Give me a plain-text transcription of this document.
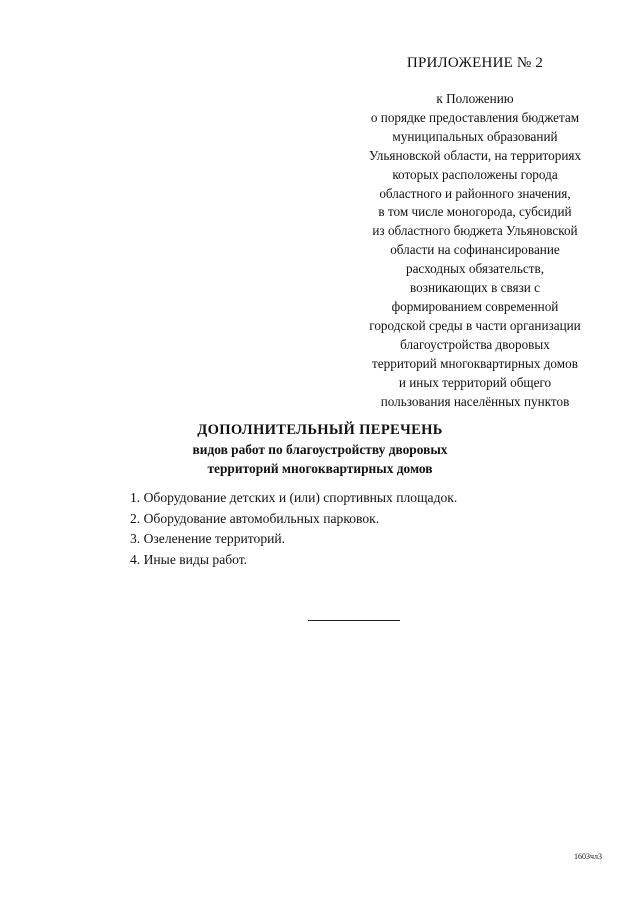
ПРИЛОЖЕНИЕ № 2
к Положению
о порядке предоставления бюджетам
муниципальных образований
Ульяновской области, на территориях
которых расположены города
областного и районного значения,
в том числе моногорода, субсидий
из областного бюджета Ульяновской
области на софинансирование
расходных обязательств,
возникающих в связи с
формированием современной
городской среды в части организации
благоустройства дворовых
территорий многоквартирных домов
и иных территорий общего
пользования населённых пунктов
ДОПОЛНИТЕЛЬНЫЙ ПЕРЕЧЕНЬ
видов работ по благоустройству дворовых
территорий многоквартирных домов
1. Оборудование детских и (или) спортивных площадок.
2. Оборудование автомобильных парковок.
3. Озеленение территорий.
4. Иные виды работ.
1603чл3
